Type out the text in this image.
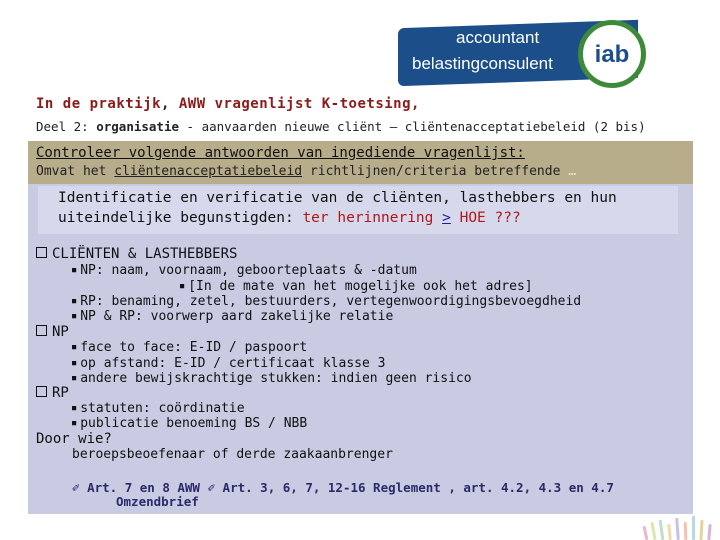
accountant
belastingconsulent	iab
In de praktijk, AWW vragenlijst K-toetsing,
Deel 2: organisatie - aanvaarden nieuwe cliënt – cliëntenacceptatiebeleid (2 bis)
Controleer volgende antwoorden van ingediende vragenlijst:
Omvat het cliëntenacceptatiebeleid richtlijnen/criteria betreffende …
Identificatie en verificatie van de cliënten, lasthebbers en hun
uiteindelijke begunstigden: ter herinnering > HOE ???
CLIËNTEN & LASTHEBBERS
■ NP: naam, voornaam, geboorteplaats & -datum
■ [In de mate van het mogelijke ook het adres]
■ RP: benaming, zetel, bestuurders, vertegenwoordigingsbevoegdheid
■ NP & RP: voorwerp aard zakelijke relatie
NP
■ face to face: E-ID / paspoort
■ op afstand: E-ID / certificaat klasse 3
■ andere bewijskrachtige stukken: indien geen risico
RP
■ statuten: coördinatie
■ publicatie benoeming BS / NBB
Door wie?
beroepsbeoefenaar of derde zaakaanbrenger
✐ Art. 7 en 8 AWW ✐ Art. 3, 6, 7, 12-16 Reglement , art. 4.2, 4.3 en 4.7
Omzendbrief
